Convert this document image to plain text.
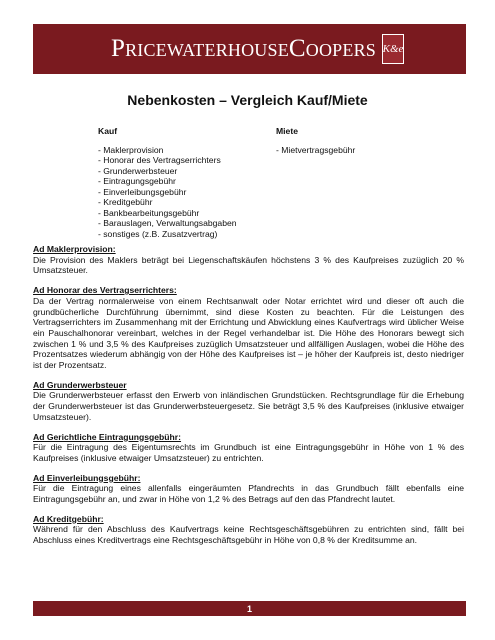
PricewaterhouseCoopers K&e
Nebenkosten – Vergleich Kauf/Miete
Kauf
- Maklerprovision
- Honorar des Vertragserrichters
- Grunderwerbsteuer
- Eintragungsgebühr
- Einverleibungsgebühr
- Kreditgebühr
- Bankbearbeitungsgebühr
- Barauslagen, Verwaltungsabgaben
- sonstiges (z.B. Zusatzvertrag)
Miete
- Mietvertragsgebühr
Ad Maklerprovision:
Die Provision des Maklers beträgt bei Liegenschaftskäufen höchstens 3 % des Kaufpreises zuzüglich 20 % Umsatzsteuer.
Ad Honorar des Vertragserrichters:
Da der Vertrag normalerweise von einem Rechtsanwalt oder Notar errichtet wird und dieser oft auch die grundbücherliche Durchführung übernimmt, sind diese Kosten zu beachten. Für die Leistungen des Vertragserrichters im Zusammenhang mit der Errichtung und Abwicklung eines Kaufvertrags wird üblicher Weise ein Pauschalhonorar vereinbart, welches in der Regel verhandelbar ist. Die Höhe des Honorars bewegt sich zwischen 1 % und 3,5 % des Kaufpreises zuzüglich Umsatzsteuer und allfälligen Auslagen, wobei die Höhe des Prozentsatzes wiederum abhängig von der Höhe des Kaufpreises ist – je höher der Kaufpreis ist, desto niedriger ist der Prozentsatz.
Ad Grunderwerbsteuer
Die Grunderwerbsteuer erfasst den Erwerb von inländischen Grundstücken. Rechtsgrundlage für die Erhebung der Grunderwerbsteuer ist das Grunderwerbsteuergesetz. Sie beträgt 3,5 % des Kaufpreises (inklusive etwaiger Umsatzsteuer).
Ad Gerichtliche Eintragungsgebühr:
Für die Eintragung des Eigentumsrechts im Grundbuch ist eine Eintragungsgebühr in Höhe von 1 % des Kaufpreises (inklusive etwaiger Umsatzsteuer) zu entrichten.
Ad Einverleibungsgebühr:
Für die Eintragung eines allenfalls eingeräumten Pfandrechts in das Grundbuch fällt ebenfalls eine Eintragungsgebühr an, und zwar in Höhe von 1,2 % des Betrags auf den das Pfandrecht lautet.
Ad Kreditgebühr:
Während für den Abschluss des Kaufvertrags keine Rechtsgeschäftsgebühren zu entrichten sind, fällt bei Abschluss eines Kreditvertrags eine Rechtsgeschäftsgebühr in Höhe von 0,8 % der Kreditsumme an.
1
